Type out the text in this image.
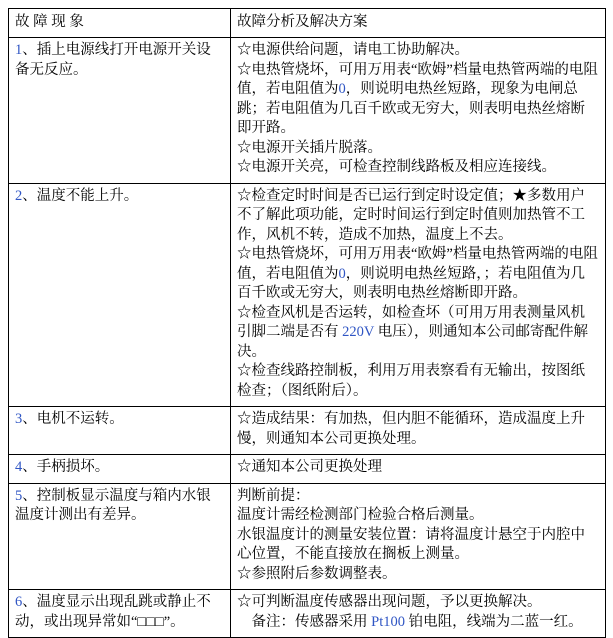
故 障 现 象	故障分析及解决方案

1、插上电源线打开电源开关设备无反应。	☆电源供给问题，请电工协助解决。

☆电热管烧坏，可用万用表“欧姆”档量电热管两端的电阻值，若电阻值为0，则说明电热丝短路，现象为电闸总跳；若电阻值为几百千欧或无穷大，则表明电热丝熔断即开路。

☆电源开关插片脱落。

☆电源开关亮，可检查控制线路板及相应连接线。

2、温度不能上升。	☆检查定时时间是否已运行到定时设定值；★多数用户不了解此项功能，定时时间运行到定时值则加热管不工作，风机不转，造成不加热，温度上不去。

☆电热管烧坏，可用万用表“欧姆”档量电热管两端的电阻值，若电阻值为0，则说明电热丝短路，；若电阻值为几百千欧或无穷大，则表明电热丝熔断即开路。

☆检查风机是否运转，如检查坏（可用万用表测量风机引脚二端是否有 220V 电压），则通知本公司邮寄配件解决。

☆检查线路控制板，利用万用表察看有无输出，按图纸检查；（图纸附后）。

3、电机不运转。	☆造成结果：有加热，但内胆不能循环，造成温度上升慢，则通知本公司更换处理。

4、手柄损坏。	☆通知本公司更换处理

5、控制板显示温度与箱内水银温度计测出有差异。	判断前提：

温度计需经检测部门检验合格后测量。

水银温度计的测量安装位置：请将温度计悬空于内腔中心位置，不能直接放在搁板上测量。

☆参照附后参数调整表。

6、温度显示出现乱跳或静止不动，或出现异常如“□□□”。	☆可判断温度传感器出现问题，予以更换解决。

　备注：传感器采用 Pt100 铂电阻，线端为二蓝一红。
